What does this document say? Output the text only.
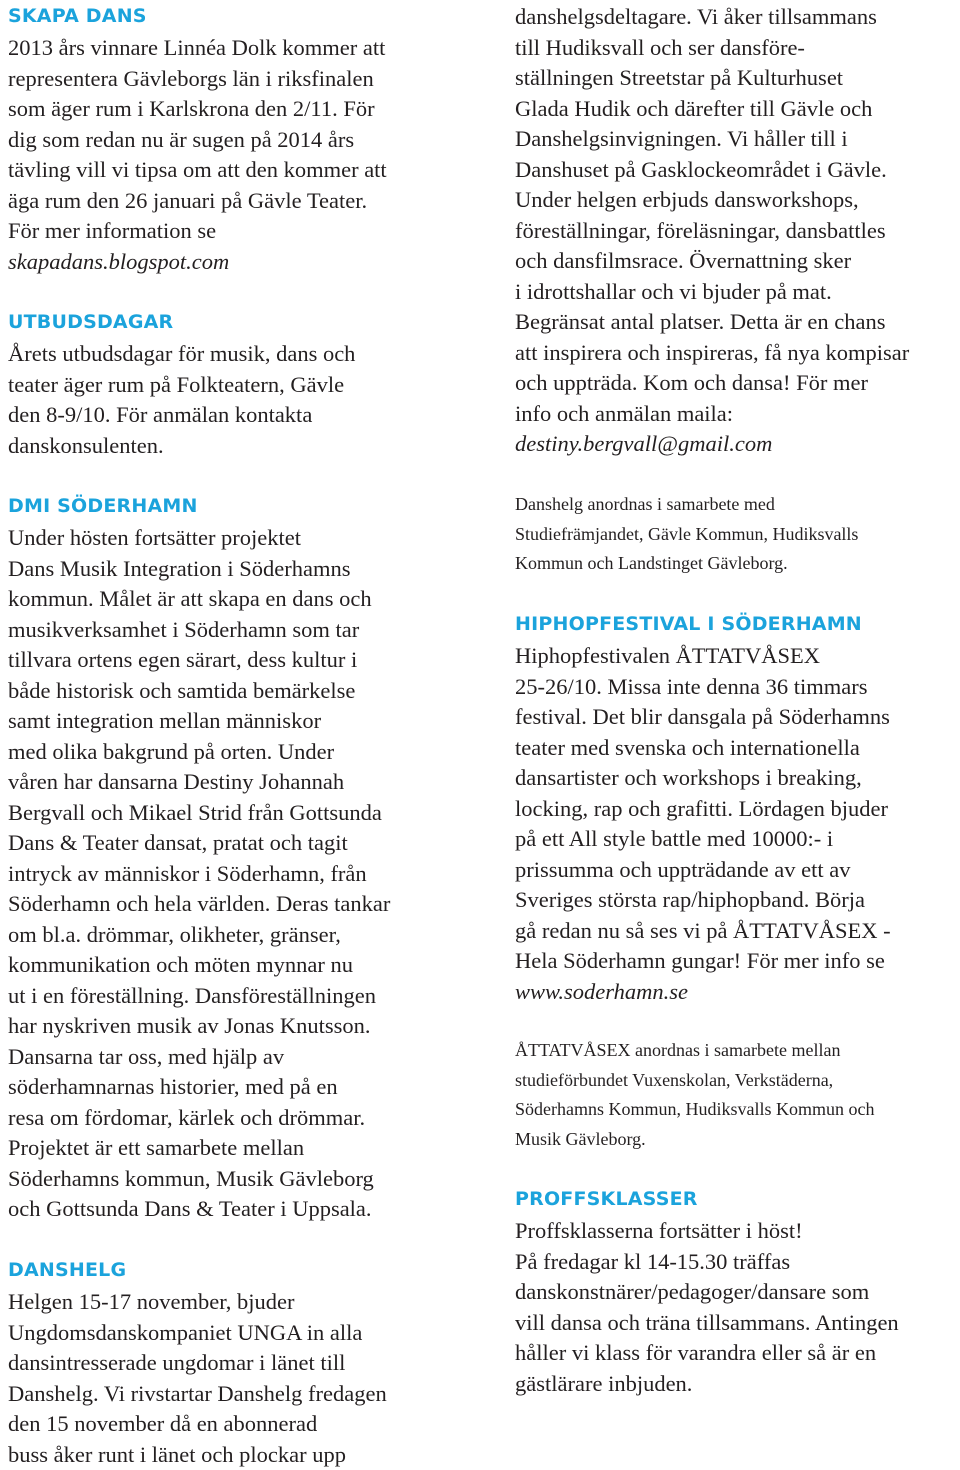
SKAPA DANS

2013 års vinnare Linnéa Dolk kommer att
representera Gävleborgs län i riksfinalen
som äger rum i Karlskrona den 2/11. För
dig som redan nu är sugen på 2014 års
tävling vill vi tipsa om att den kommer att
äga rum den 26 januari på Gävle Teater.
För mer information se
skapadans.blogspot.com

UTBUDSDAGAR

Årets utbudsdagar för musik, dans och
teater äger rum på Folkteatern, Gävle
den 8-9/10. För anmälan kontakta
danskonsulenten.

DMI SÖDERHAMN

Under hösten fortsätter projektet
Dans Musik Integration i Söderhamns
kommun. Målet är att skapa en dans och
musikverksamhet i Söderhamn som tar
tillvara ortens egen särart, dess kultur i
både historisk och samtida bemärkelse
samt integration mellan människor
med olika bakgrund på orten. Under
våren har dansarna Destiny Johannah
Bergvall och Mikael Strid från Gottsunda
Dans & Teater dansat, pratat och tagit
intryck av människor i Söderhamn, från
Söderhamn och hela världen. Deras tankar
om bl.a. drömmar, olikheter, gränser,
kommunikation och möten mynnar nu
ut i en föreställning. Dansföreställningen
har nyskriven musik av Jonas Knutsson.
Dansarna tar oss, med hjälp av
söderhamnarnas historier, med på en
resa om fördomar, kärlek och drömmar.
Projektet är ett samarbete mellan
Söderhamns kommun, Musik Gävleborg
och Gottsunda Dans & Teater i Uppsala.

DANSHELG

Helgen 15-17 november, bjuder
Ungdomsdanskompaniet UNGA in alla
dansintresserade ungdomar i länet till
Danshelg. Vi rivstartar Danshelg fredagen
den 15 november då en abonnerad
buss åker runt i länet och plockar upp

danshelgsdeltagare. Vi åker tillsammans
till Hudiksvall och ser dansföre-
ställningen Streetstar på Kulturhuset
Glada Hudik och därefter till Gävle och
Danshelgsinvigningen. Vi håller till i
Danshuset på Gasklockeområdet i Gävle.
Under helgen erbjuds dansworkshops,
föreställningar, föreläsningar, dansbattles
och dansfilmsrace. Övernattning sker
i idrottshallar och vi bjuder på mat.
Begränsat antal platser. Detta är en chans
att inspirera och inspireras, få nya kompisar
och uppträda. Kom och dansa! För mer
info och anmälan maila:
destiny.bergvall@gmail.com

Danshelg anordnas i samarbete med
Studiefrämjandet, Gävle Kommun, Hudiksvalls
Kommun och Landstinget Gävleborg.

HIPHOPFESTIVAL I SÖDERHAMN

Hiphopfestivalen ÅTTATVÅSEX
25-26/10. Missa inte denna 36 timmars
festival. Det blir dansgala på Söderhamns
teater med svenska och internationella
dansartister och workshops i breaking,
locking, rap och grafitti. Lördagen bjuder
på ett All style battle med 10000:- i
prissumma och uppträdande av ett av
Sveriges största rap/hiphopband. Börja
gå redan nu så ses vi på ÅTTATVÅSEX -
Hela Söderhamn gungar! För mer info se
www.soderhamn.se

ÅTTATVÅSEX anordnas i samarbete mellan
studieförbundet Vuxenskolan, Verkstäderna,
Söderhamns Kommun, Hudiksvalls Kommun och
Musik Gävleborg.

PROFFSKLASSER

Proffsklasserna fortsätter i höst!
På fredagar kl 14-15.30 träffas
danskonstnärer/pedagoger/dansare som
vill dansa och träna tillsammans. Antingen
håller vi klass för varandra eller så är en
gästlärare inbjuden.
